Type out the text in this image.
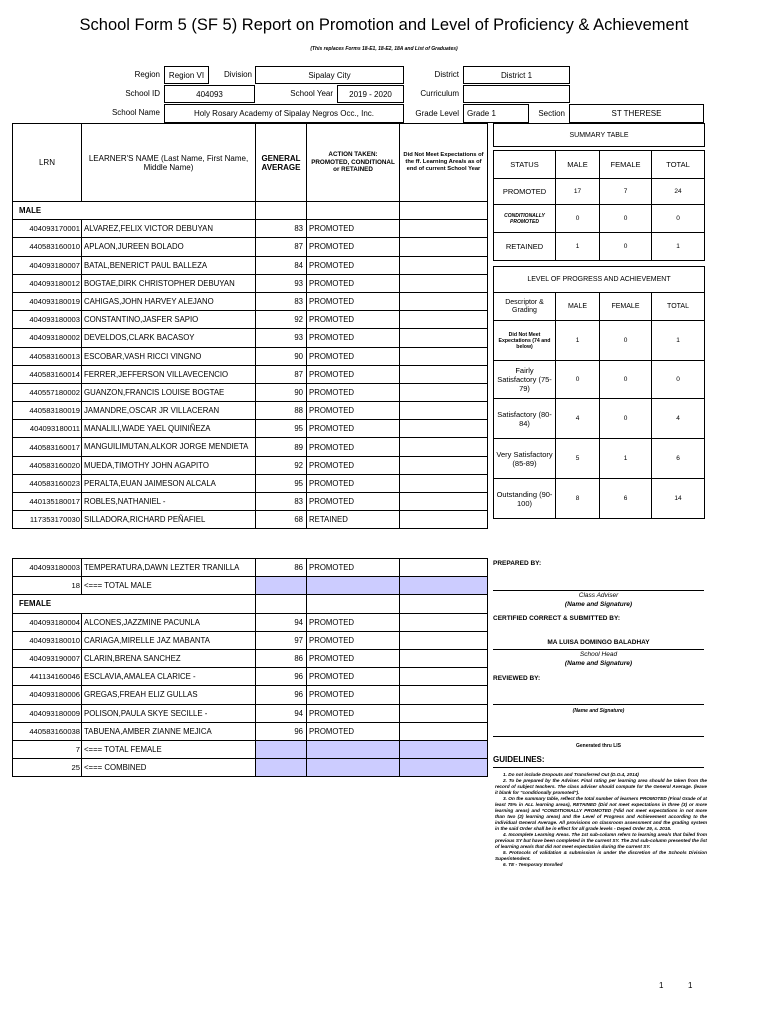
School Form 5 (SF 5) Report on Promotion and Level of Proficiency & Achievement
(This replaces Forms 18-E1, 18-E2, 18A and List of Graduates)
Region	Region VI	Division	Sipalay City	District	District 1
School ID	404093	School Year	2019 - 2020	Curriculum
School Name	Holy Rosary Academy of Sipalay Negros Occ., Inc.	Grade Level	Grade 1	Section	ST THERESE
LRN	LEARNER'S NAME (Last Name, First Name, Middle Name)	GENERAL AVERAGE	ACTION TAKEN: PROMOTED, CONDITIONAL or RETAINED	Did Not Meet Expectations of the ff. Learning Area/s as of end of current School Year
MALE				
404093170001	ALVAREZ,FELIX VICTOR DEBUYAN	83	PROMOTED	
440583160010	APLAON,JUREEN BOLADO	87	PROMOTED	
404093180007	BATAL,BENERICT PAUL BALLEZA	84	PROMOTED	
404093180012	BOGTAE,DIRK CHRISTOPHER DEBUYAN	93	PROMOTED	
404093180019	CAHIGAS,JOHN HARVEY ALEJANO	83	PROMOTED	
404093180003	CONSTANTINO,JASFER SAPIO	92	PROMOTED	
404093180002	DEVELDOS,CLARK BACASOY	93	PROMOTED	
440583160013	ESCOBAR,VASH RICCI VINGNO	90	PROMOTED	
440583160014	FERRER,JEFFERSON VILLAVECENCIO	87	PROMOTED	
440557180002	GUANZON,FRANCIS LOUISE BOGTAE	90	PROMOTED	
440583180019	JAMANDRE,OSCAR JR VILLACERAN	88	PROMOTED	
404093180011	MANALILI,WADE YAEL QUINIÑEZA	95	PROMOTED	
440583160017	MANGUILIMUTAN,ALKOR JORGE MENDIETA	89	PROMOTED	
440583160020	MUEDA,TIMOTHY JOHN AGAPITO	92	PROMOTED	
440583160023	PERALTA,EUAN JAIMESON ALCALA	95	PROMOTED	
440135180017	ROBLES,NATHANIEL -	83	PROMOTED	
117353170030	SILLADORA,RICHARD PEÑAFIEL	68	RETAINED	
404093180003	TEMPERATURA,DAWN LEZTER TRANILLA	86	PROMOTED	
18	<=== TOTAL MALE			
FEMALE				
404093180004	ALCONES,JAZZMINE PACUNLA	94	PROMOTED	
404093180010	CARIAGA,MIRELLE JAZ MABANTA	97	PROMOTED	
404093190007	CLARIN,BRENA SANCHEZ	86	PROMOTED	
441134160046	ESCLAVIA,AMALEA CLARICE -	96	PROMOTED	
404093180006	GREGAS,FREAH ELIZ GULLAS	96	PROMOTED	
404093180009	POLISON,PAULA SKYE SECILLE -	94	PROMOTED	
440583160038	TABUENA,AMBER ZIANNE MEJICA	96	PROMOTED	
7	<=== TOTAL FEMALE			
25	<=== COMBINED			
SUMMARY TABLE			

STATUS	MALE	FEMALE	TOTAL
PROMOTED	17	7	24
CONDITIONALLY PROMOTED	0	0	0
RETAINED	1	0	1

LEVEL OF PROGRESS AND ACHIEVEMENT			
Descriptor & Grading	MALE	FEMALE	TOTAL
Did Not Meet Expectations (74 and below)	1	0	1
Fairly Satisfactory (75-79)	0	0	0
Satisfactory (80-84)	4	0	4
Very Satisfactory (85-89)	5	1	6
Outstanding (90-100)	8	6	14
PREPARED BY:
Class Adviser
(Name and Signature)
CERTIFIED CORRECT & SUBMITTED BY:
MA LUISA DOMINGO BALADHAY
School Head
(Name and Signature)
REVIEWED BY:
(Name and Signature)
Generated thru LIS
GUIDELINES:
1. Do not include Dropouts and Transferred Out (D.O.4, 2014)
2. To be prepared by the Adviser. Final rating per learning area should be taken from the record of subject teachers. The class adviser should compute for the General Average. (leave it blank for "conditionally promoted").
3. On the summary table, reflect the total number of learners PROMOTED (Final Grade of at least 75% in ALL learning areas), RETAINED (Did not meet expectations in three (3) or more learning areas) and *CONDITIONALLY PROMOTED (*did not meet expectations in not more than two (2) learning areas) and the Level of Progress and Achievement according to the individual General Average. All provisions on classroom assessment and the grading system in the said Order shall be in effect for all grade levels - Deped Order 29, s. 2015.
4. Incomplete Learning Areas. The 1st sub-column refers to learning area/s that failed from previous SY but have been completed in the current SY. The 2nd sub-column presented the list of learning area/s that did not meet expectation during the current SY.
5. Protocols of validation & submission is under the discretion of the Schools Division Superintendent.
6. TE - Temporary Enrolled
1	1
